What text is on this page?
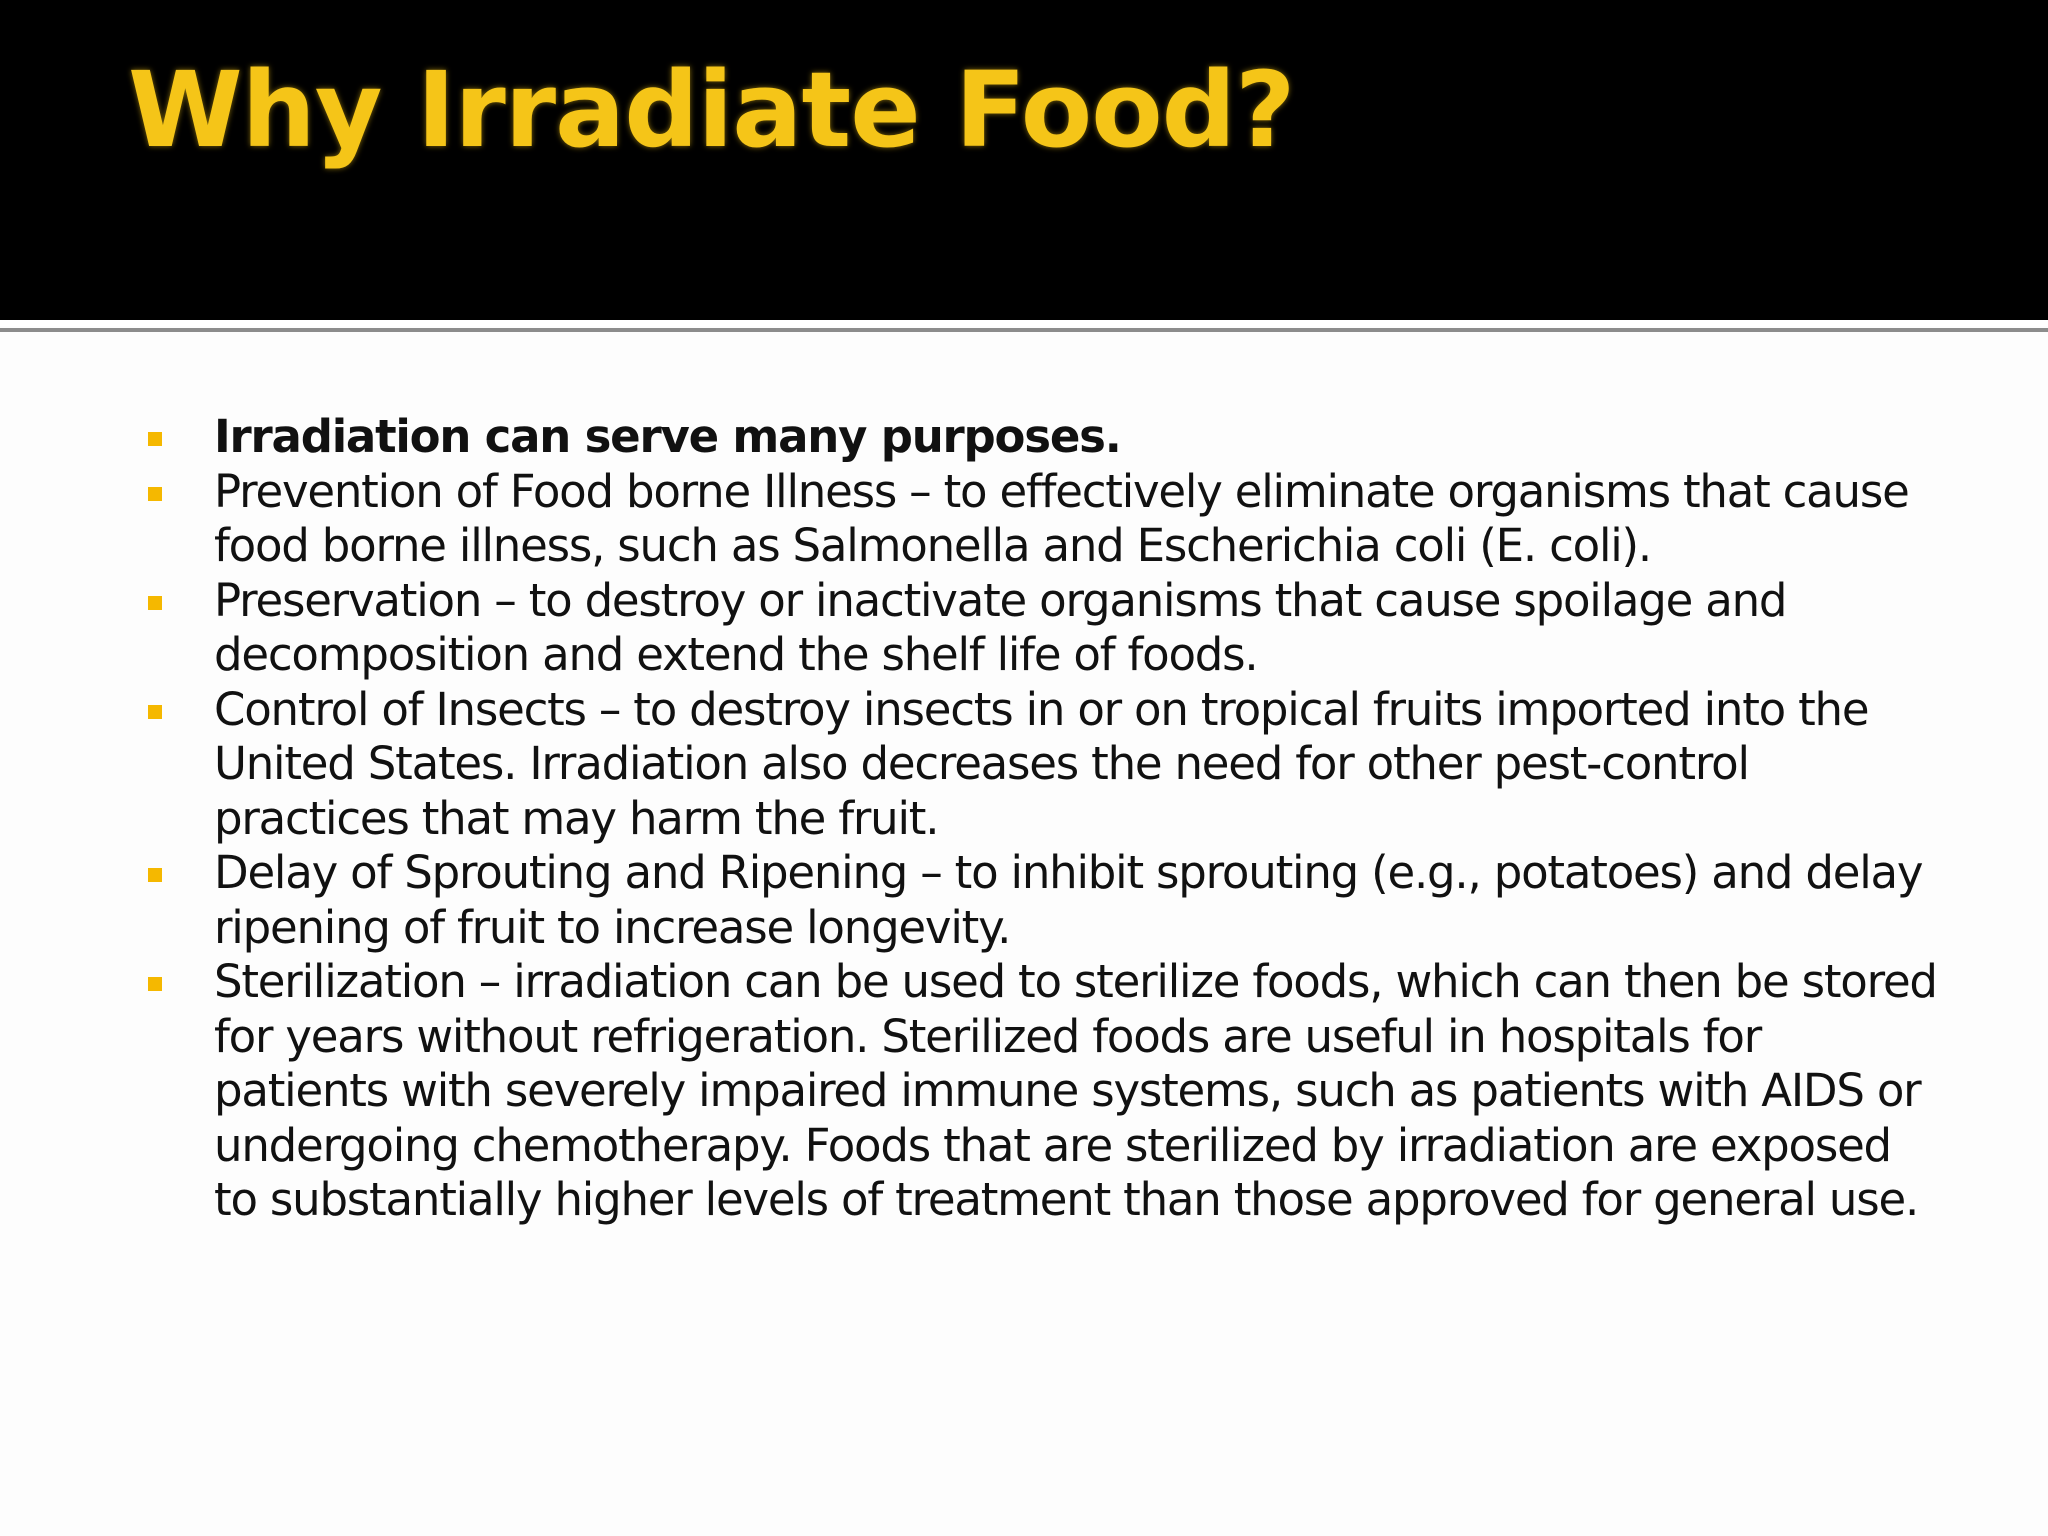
Why Irradiate Food?
Irradiation can serve many purposes.
Prevention of Food borne Illness – to effectively eliminate organisms that cause food borne illness, such as Salmonella and Escherichia coli (E. coli).
Preservation – to destroy or inactivate organisms that cause spoilage and decomposition and extend the shelf life of foods.
Control of Insects – to destroy insects in or on tropical fruits imported into the United States. Irradiation also decreases the need for other pest-control practices that may harm the fruit.
Delay of Sprouting and Ripening – to inhibit sprouting (e.g., potatoes) and delay ripening of fruit to increase longevity.
Sterilization – irradiation can be used to sterilize foods, which can then be stored for years without refrigeration. Sterilized foods are useful in hospitals for patients with severely impaired immune systems, such as patients with AIDS or undergoing chemotherapy. Foods that are sterilized by irradiation are exposed to substantially higher levels of treatment than those approved for general use.
